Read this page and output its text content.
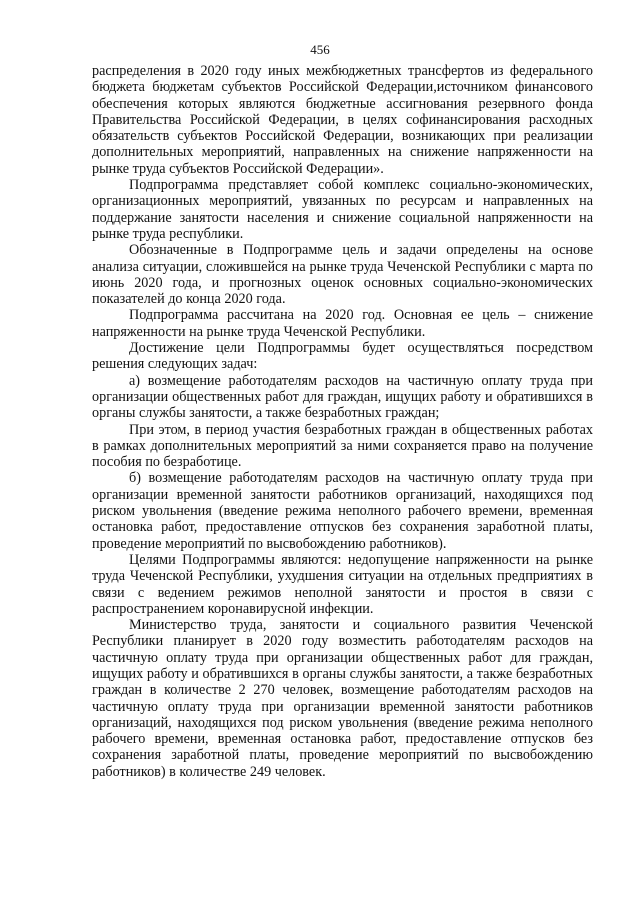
456

распределения в 2020 году иных межбюджетных трансфертов из федерального бюджета бюджетам субъектов Российской Федерации,источником финансового обеспечения которых являются бюджетные ассигнования резервного фонда Правительства Российской Федерации, в целях софинансирования расходных обязательств субъектов Российской Федерации, возникающих при реализации дополнительных мероприятий, направленных на снижение напряженности на рынке труда субъектов Российской Федерации».

Подпрограмма представляет собой комплекс социально-экономических, организационных мероприятий, увязанных по ресурсам и направленных на поддержание занятости населения и снижение социальной напряженности на рынке труда республики.

Обозначенные в Подпрограмме цель и задачи определены на основе анализа ситуации, сложившейся на рынке труда Чеченской Республики с марта по июнь 2020 года, и прогнозных оценок основных социально-экономических показателей до конца 2020 года.

Подпрограмма рассчитана на 2020 год. Основная ее цель – снижение напряженности на рынке труда Чеченской Республики.

Достижение цели Подпрограммы будет осуществляться посредством решения следующих задач:

а) возмещение работодателям расходов на частичную оплату труда при организации общественных работ для граждан, ищущих работу и обратившихся в органы службы занятости, а также безработных граждан;

При этом, в период участия безработных граждан в общественных работах в рамках дополнительных мероприятий за ними сохраняется право на получение пособия по безработице.

б) возмещение работодателям расходов на частичную оплату труда при организации временной занятости работников организаций, находящихся под риском увольнения (введение режима неполного рабочего времени, временная остановка работ, предоставление отпусков без сохранения заработной платы, проведение мероприятий по высвобождению работников).

Целями Подпрограммы являются: недопущение напряженности на рынке труда Чеченской Республики, ухудшения ситуации на отдельных предприятиях в связи с ведением режимов неполной занятости и простоя в связи с распространением коронавирусной инфекции.

Министерство труда, занятости и социального развития Чеченской Республики планирует в 2020 году возместить работодателям расходов на частичную оплату труда при организации общественных работ для граждан, ищущих работу и обратившихся в органы службы занятости, а также безработных граждан в количестве 2 270 человек, возмещение работодателям расходов на частичную оплату труда при организации временной занятости работников организаций, находящихся под риском увольнения (введение режима неполного рабочего времени, временная остановка работ, предоставление отпусков без сохранения заработной платы, проведение мероприятий по высвобождению работников) в количестве 249 человек.
